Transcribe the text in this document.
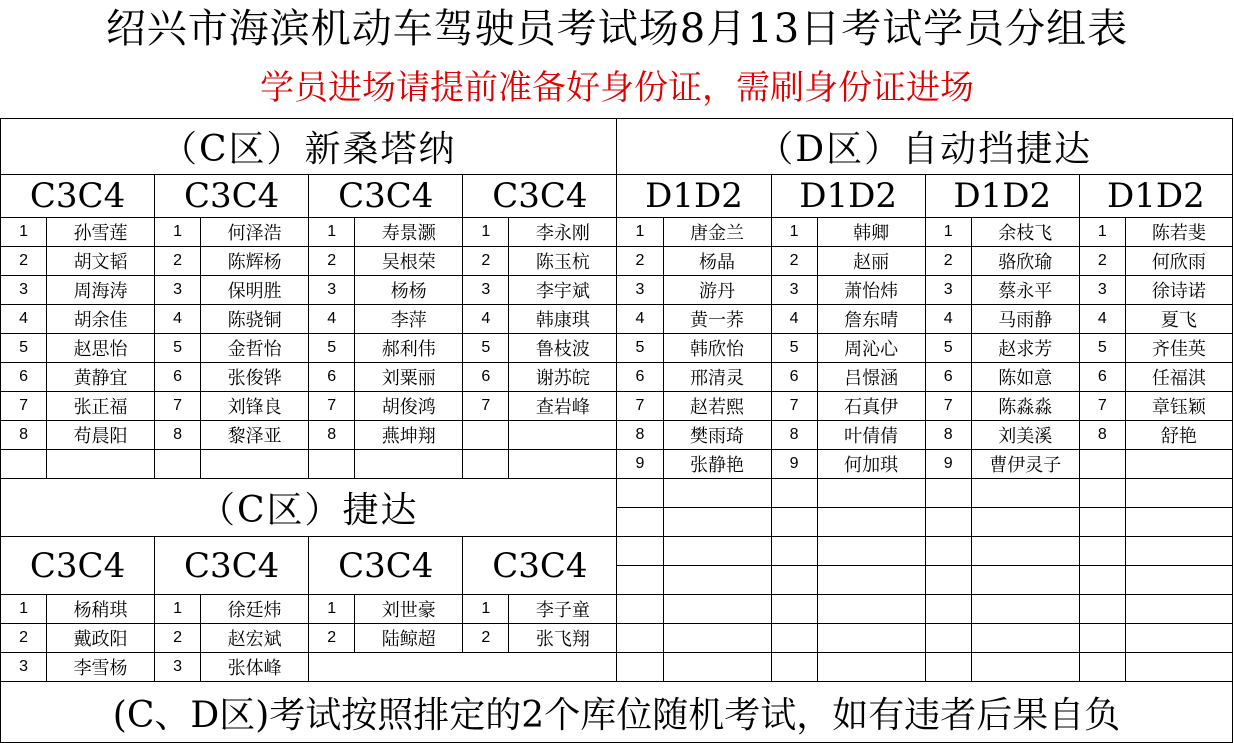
绍兴市海滨机动车驾驶员考试场8月13日考试学员分组表
学员进场请提前准备好身份证，需刷身份证进场
（C区）新桑塔纳								（D区）自动挡捷达							
C3C4		C3C4		C3C4		C3C4		D1D2		D1D2		D1D2		D1D2	
1	孙雪莲	1	何泽浩	1	寿景灏	1	李永刚	1	唐金兰	1	韩卿	1	余枝飞	1	陈若斐
2	胡文韬	2	陈辉杨	2	吴根荣	2	陈玉杭	2	杨晶	2	赵丽	2	骆欣瑜	2	何欣雨
3	周海涛	3	保明胜	3	杨杨	3	李宇斌	3	游丹	3	萧怡炜	3	蔡永平	3	徐诗诺
4	胡余佳	4	陈骁铜	4	李萍	4	韩康琪	4	黄一荞	4	詹东晴	4	马雨静	4	夏飞
5	赵思怡	5	金哲怡	5	郝利伟	5	鲁枝波	5	韩欣怡	5	周沁心	5	赵求芳	5	齐佳英
6	黄静宜	6	张俊铧	6	刘粟丽	6	谢苏皖	6	邢清灵	6	吕憬涵	6	陈如意	6	任福淇
7	张正福	7	刘锋良	7	胡俊鸿	7	查岩峰	7	赵若熙	7	石真伊	7	陈淼淼	7	章钰颖
8	苟晨阳	8	黎泽亚	8	燕坤翔			8	樊雨琦	8	叶倩倩	8	刘美溪	8	舒艳
								9	张静艳	9	何加琪	9	曹伊灵子		
（C区）捷达															

C3C4		C3C4		C3C4		C3C4									

1	杨稍琪	1	徐廷炜	1	刘世豪	1	李子童								
2	戴政阳	2	赵宏斌	2	陆鲸超	2	张飞翔								
3	李雪杨	3	张体峰												
(C、D区)考试按照排定的2个库位随机考试，如有违者后果自负															
